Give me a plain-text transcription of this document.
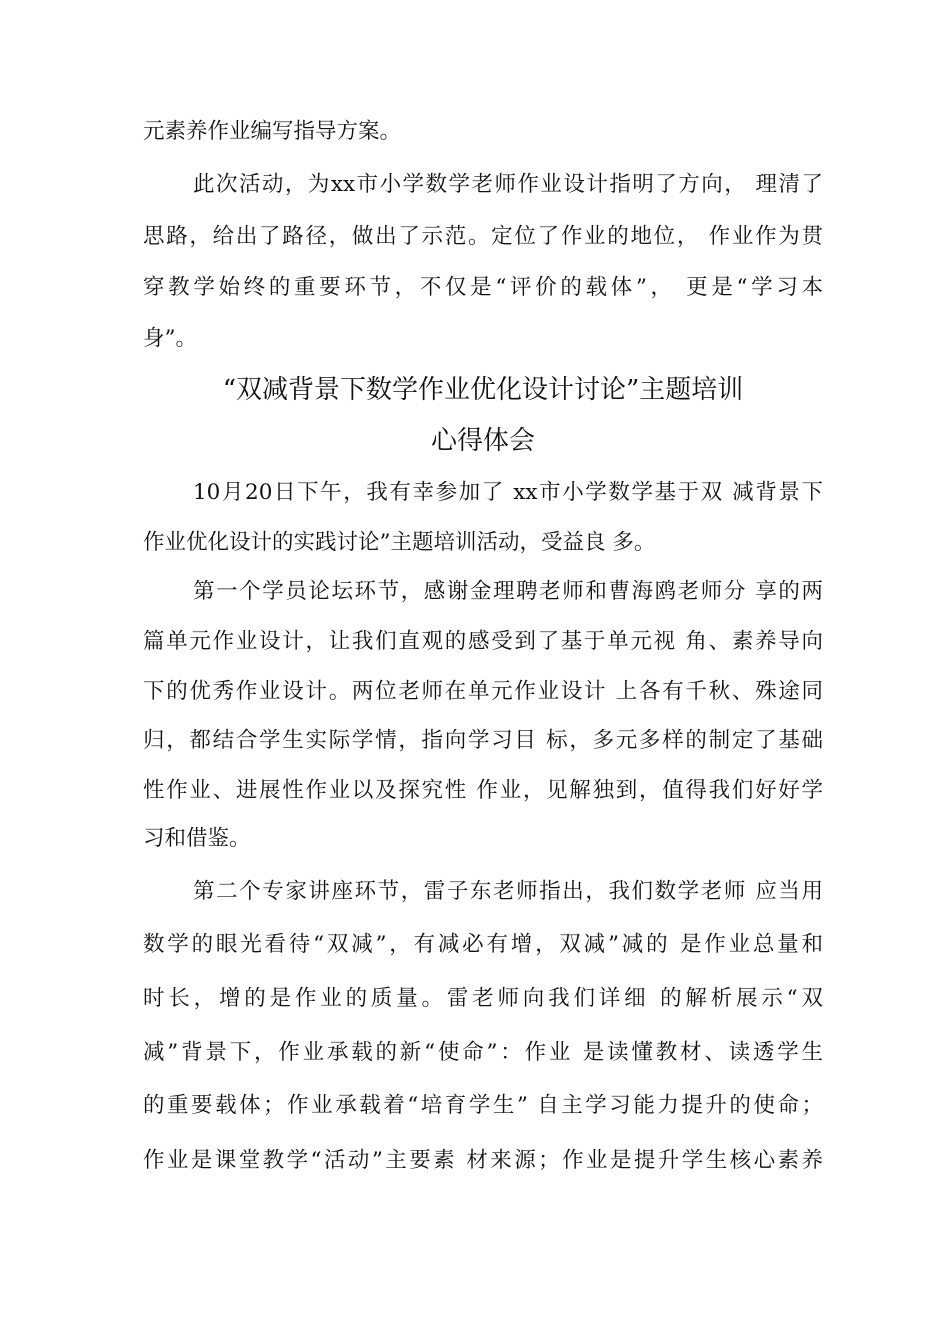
元素养作业编写指导方案。
此次活动，为xx市小学数学老师作业设计指明了方向， 理清了
思路，给出了路径，做出了示范。定位了作业的地位， 作业作为贯
穿教学始终的重要环节，不仅是“评价的载体”， 更是“学习本
身”。
“双减背景下数学作业优化设计讨论”主题培训
心得体会
10月20日下午，我有幸参加了 xx市小学数学基于双 减背景下
作业优化设计的实践讨论”主题培训活动，受益良 多。
第一个学员论坛环节，感谢金理聘老师和曹海鸥老师分 享的两
篇单元作业设计，让我们直观的感受到了基于单元视 角、素养导向
下的优秀作业设计。两位老师在单元作业设计 上各有千秋、殊途同
归，都结合学生实际学情，指向学习目 标，多元多样的制定了基础
性作业、进展性作业以及探究性 作业，见解独到，值得我们好好学
习和借鉴。
第二个专家讲座环节，雷子东老师指出，我们数学老师 应当用
数学的眼光看待“双减”，有减必有增，双减”减的 是作业总量和
时长，增的是作业的质量。雷老师向我们详细 的解析展示“双
减”背景下，作业承载的新“使命”：作业 是读懂教材、读透学生
的重要载体；作业承载着“培育学生” 自主学习能力提升的使命；
作业是课堂教学“活动”主要素 材来源；作业是提升学生核心素养
